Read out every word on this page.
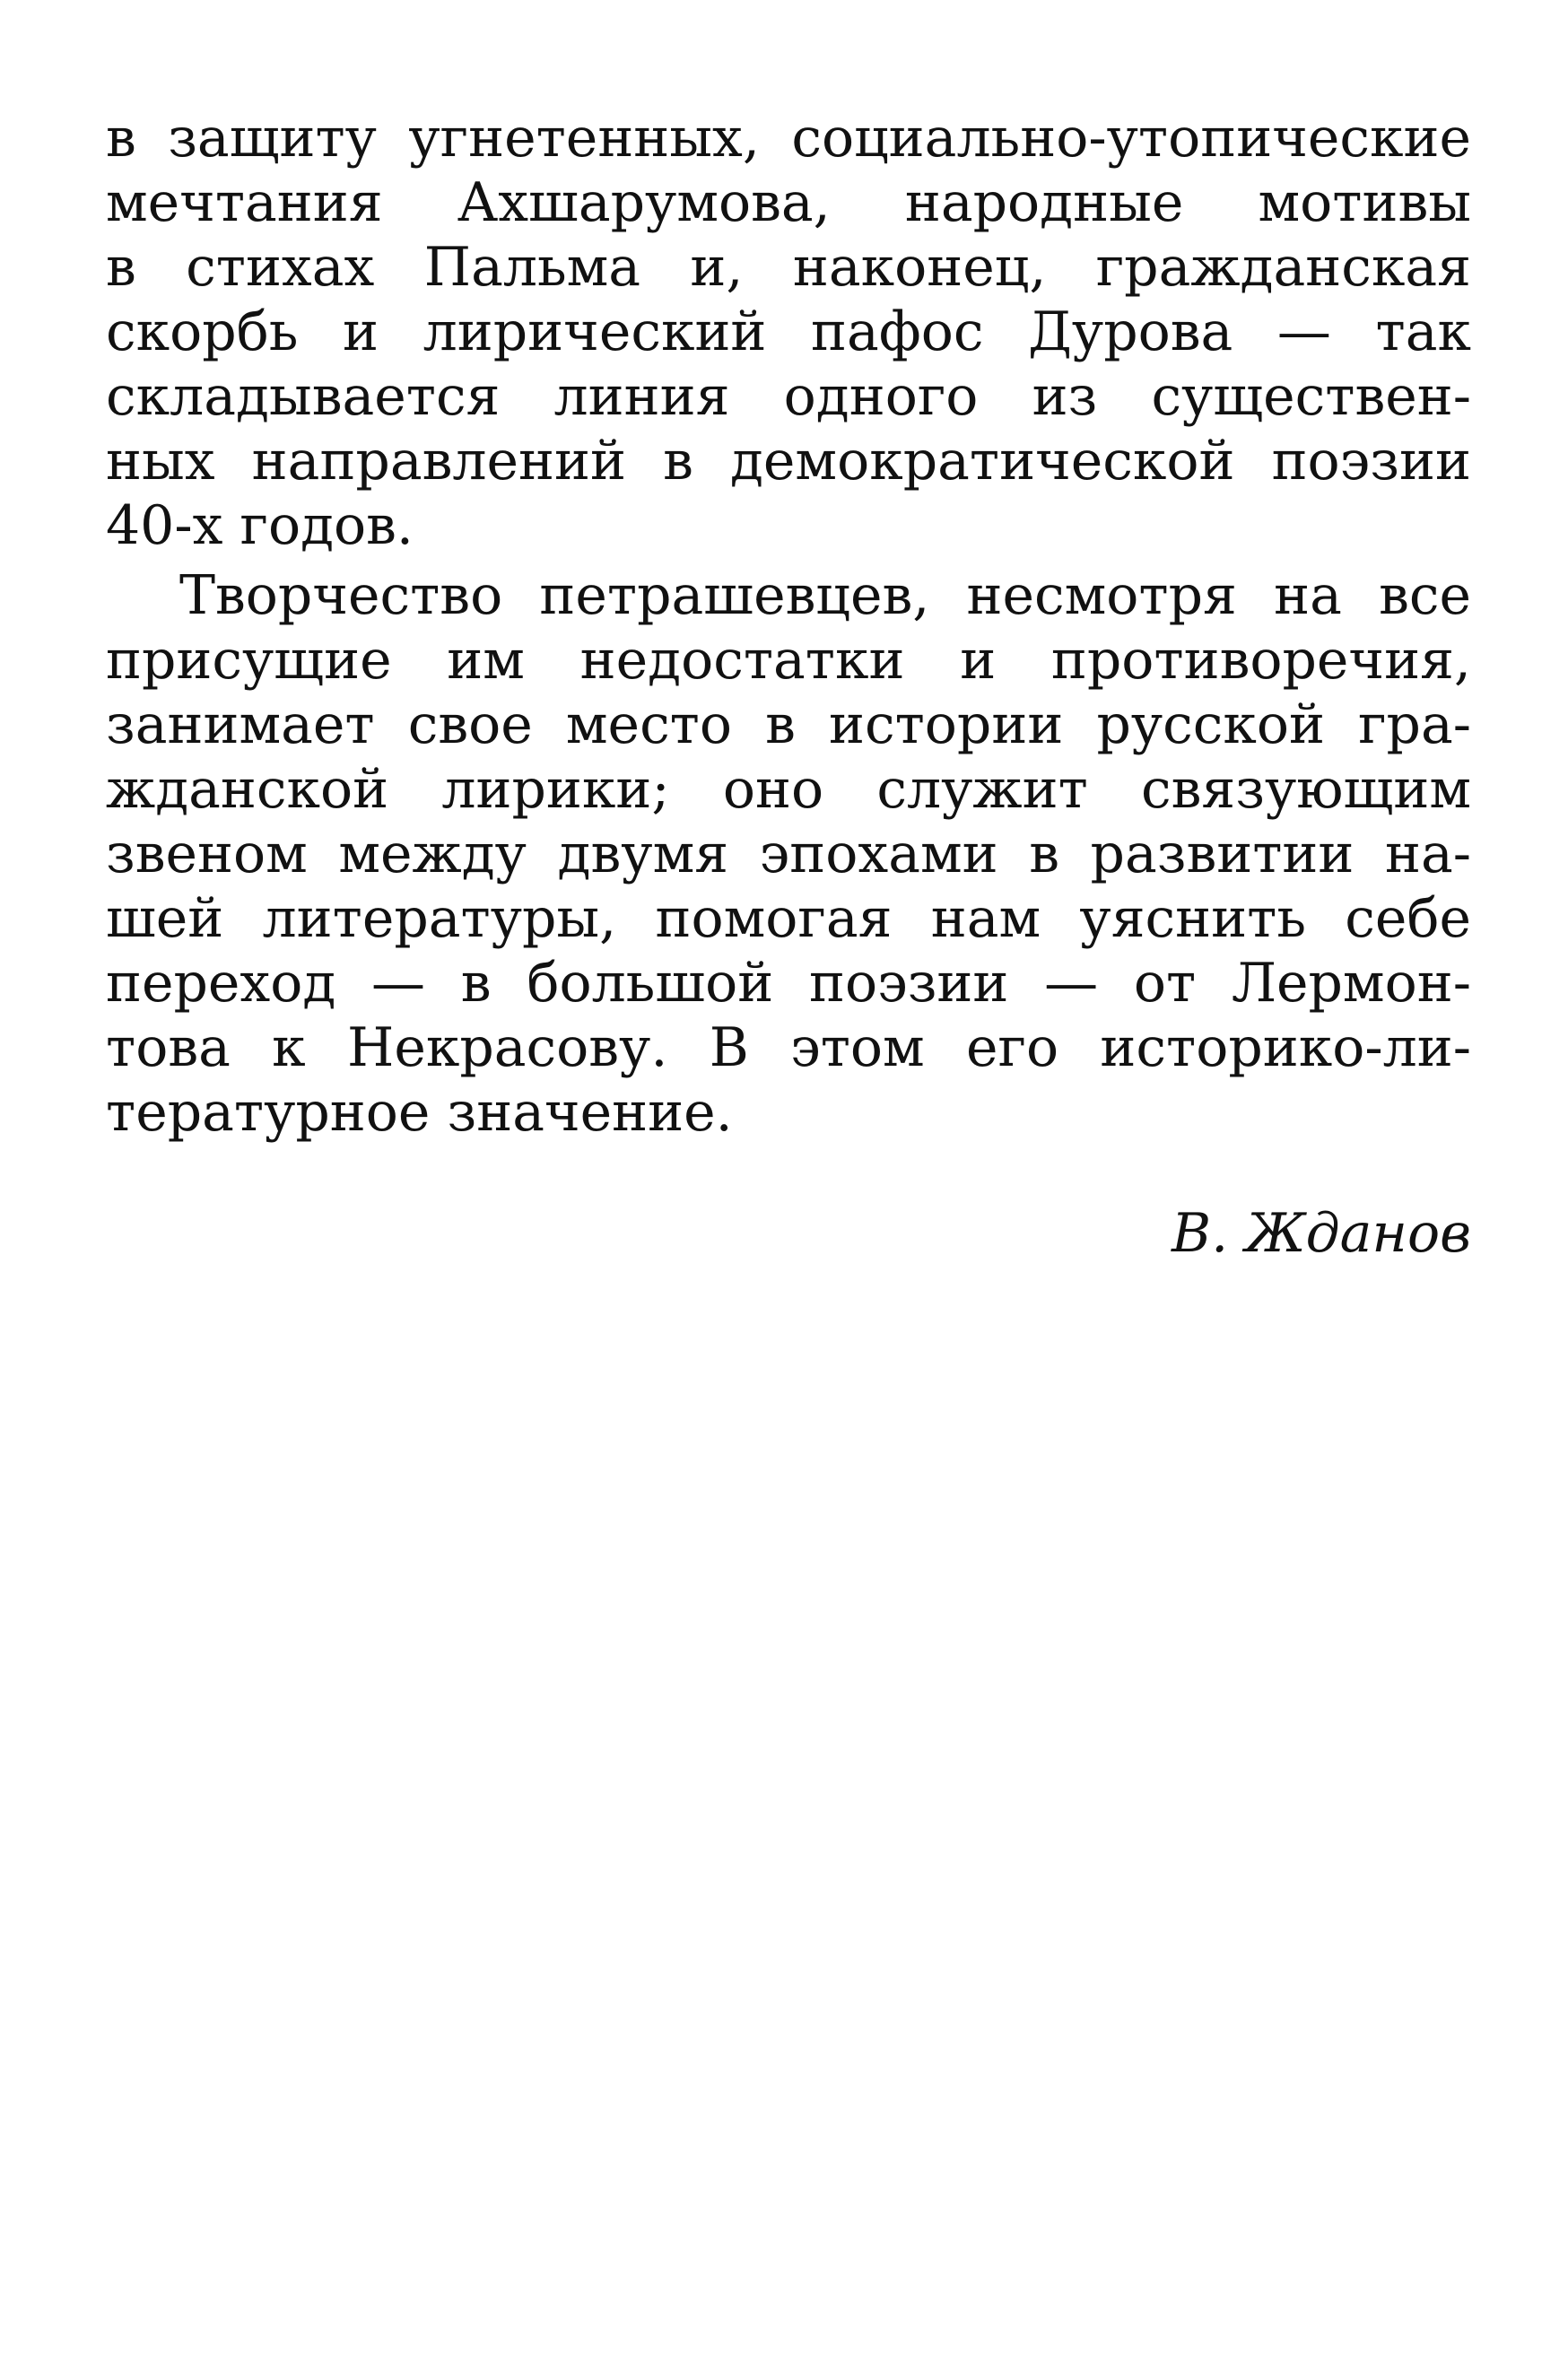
в защиту угнетенных, социально-утопические
мечтания Ахшарумова, народные мотивы
в стихах Пальма и, наконец, гражданская
скорбь и лирический пафос Дурова — так
складывается линия одного из существен-
ных направлений в демократической поэзии
40-х годов.
Творчество петрашевцев, несмотря на все
присущие им недостатки и противоречия,
занимает свое место в истории русской гра-
жданской лирики; оно служит связующим
звеном между двумя эпохами в развитии на-
шей литературы, помогая нам уяснить себе
переход — в большой поэзии — от Лермон-
това к Некрасову. В этом его историко-ли-
тературное значение.
В. Жданов
